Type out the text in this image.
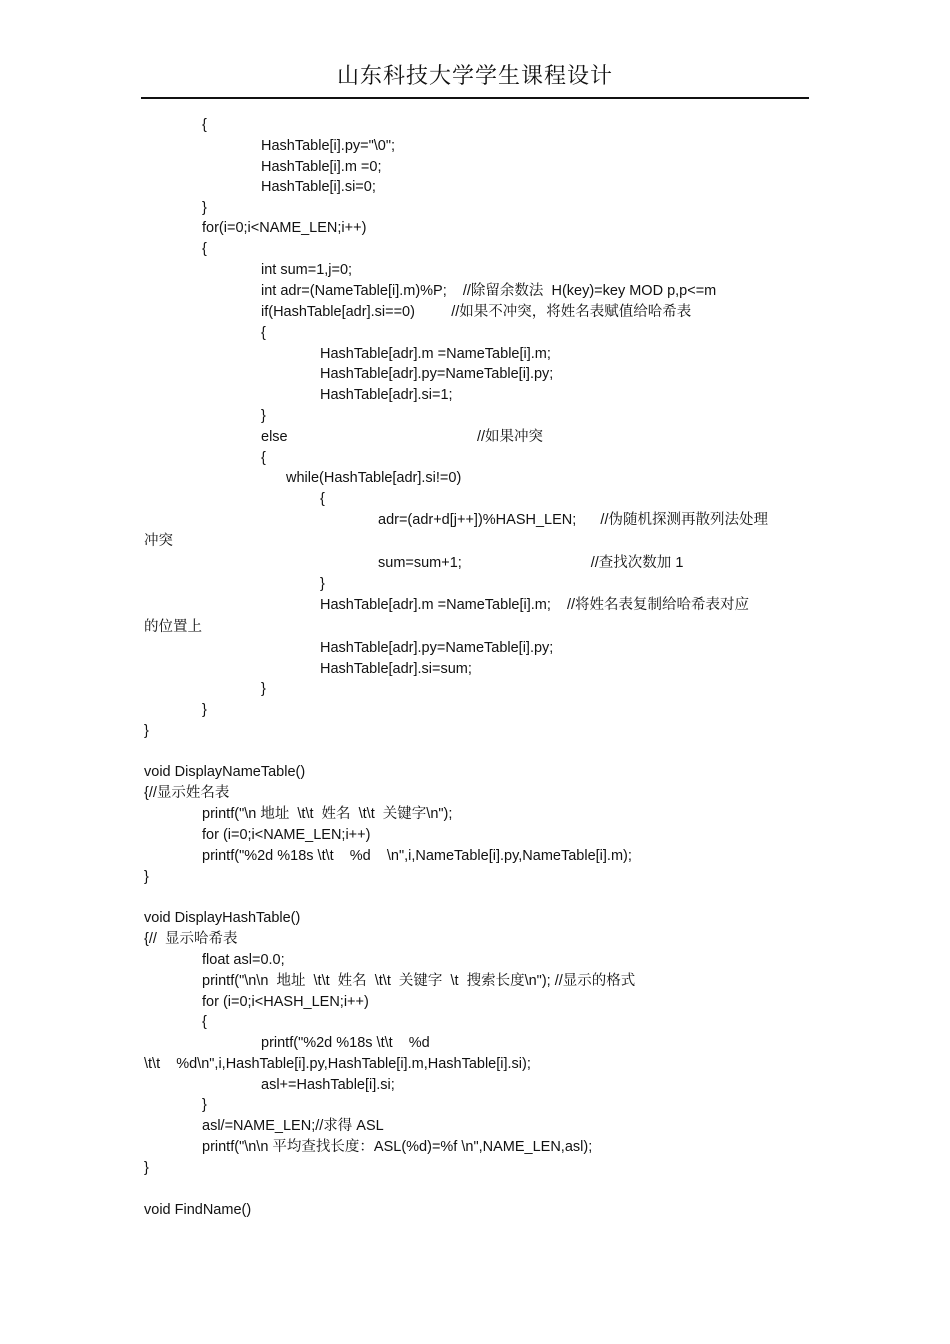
山东科技大学学生课程设计
{
HashTable[i].py="\0";
HashTable[i].m =0;
HashTable[i].si=0;
}
for(i=0;i<NAME_LEN;i++)
{
int sum=1,j=0;
int adr=(NameTable[i].m)%P;    //除留余数法  H(key)=key MOD p,p<=m
if(HashTable[adr].si==0)         //如果不冲突，将姓名表赋值给哈希表
{
HashTable[adr].m =NameTable[i].m;
HashTable[adr].py=NameTable[i].py;
HashTable[adr].si=1;
}
else                                               //如果冲突
{
while(HashTable[adr].si!=0)
{
adr=(adr+d[j++])%HASH_LEN;      //伪随机探测再散列法处理
冲突
sum=sum+1;                                //查找次数加 1
}
HashTable[adr].m =NameTable[i].m;    //将姓名表复制给哈希表对应
的位置上
HashTable[adr].py=NameTable[i].py;
HashTable[adr].si=sum;
}
}
}
void DisplayNameTable()
{//显示姓名表
printf("\n 地址  \t\t  姓名  \t\t  关键字\n");
for (i=0;i<NAME_LEN;i++)
printf("%2d %18s \t\t    %d    \n",i,NameTable[i].py,NameTable[i].m);
}
void DisplayHashTable()
{//  显示哈希表
float asl=0.0;
printf("\n\n  地址  \t\t  姓名  \t\t  关键字  \t  搜索长度\n"); //显示的格式
for (i=0;i<HASH_LEN;i++)
{
printf("%2d %18s \t\t    %d
\t\t    %d\n",i,HashTable[i].py,HashTable[i].m,HashTable[i].si);
asl+=HashTable[i].si;
}
asl/=NAME_LEN;//求得 ASL
printf("\n\n 平均查找长度：ASL(%d)=%f \n",NAME_LEN,asl);
}
void FindName()
